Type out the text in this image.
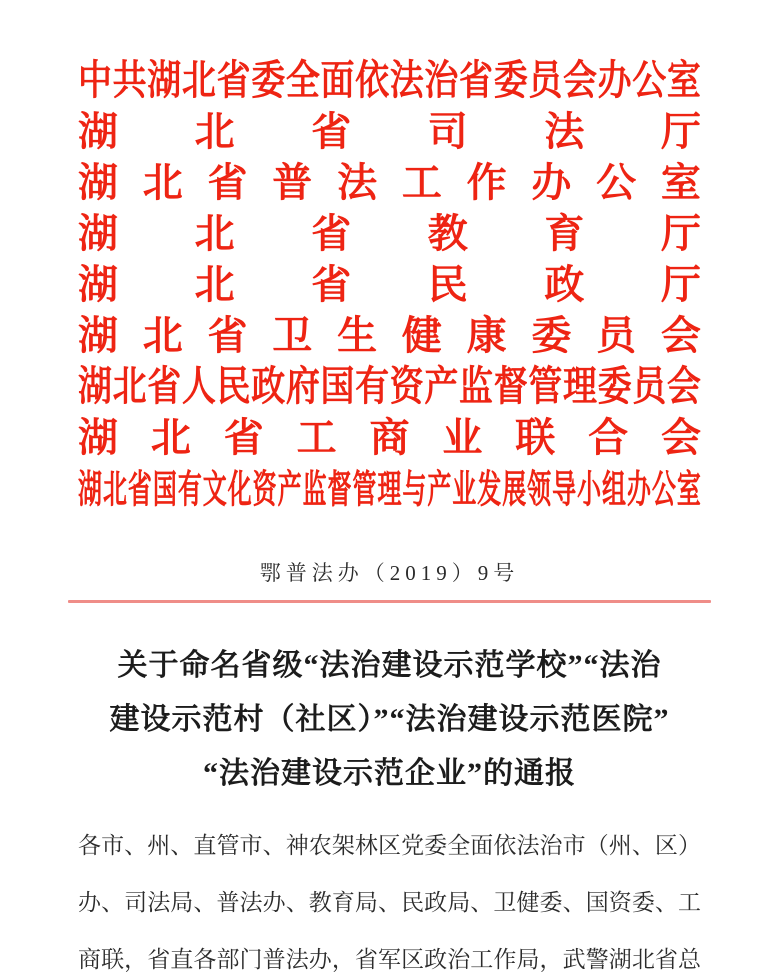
中 共 湖 北 省 委 全 面 依 法 治 省 委 员 会 办 公 室
湖 北 省 司 法 厅
湖 北 省 普 法 工 作 办 公 室
湖 北 省 教 育 厅
湖 北 省 民 政 厅
湖 北 省 卫 生 健 康 委 员 会
湖 北 省 人 民 政 府 国 有 资 产 监 督 管 理 委 员 会
湖 北 省 工 商 业 联 合 会
湖 北 省 国 有 文 化 资 产 监 督 管 理 与 产 业 发 展 领 导 小 组 办 公 室
鄂普法办（2019）9号
关于命名省级“法治建设示范学校”“法治
建设示范村（社区）”“法治建设示范医院”
“法治建设示范企业”的通报
各市、州、直管市、神农架林区党委全面依法治市（州、区）
办、司法局、普法办、教育局、民政局、卫健委、国资委、工
商联，省直各部门普法办，省军区政治工作局，武警湖北省总
